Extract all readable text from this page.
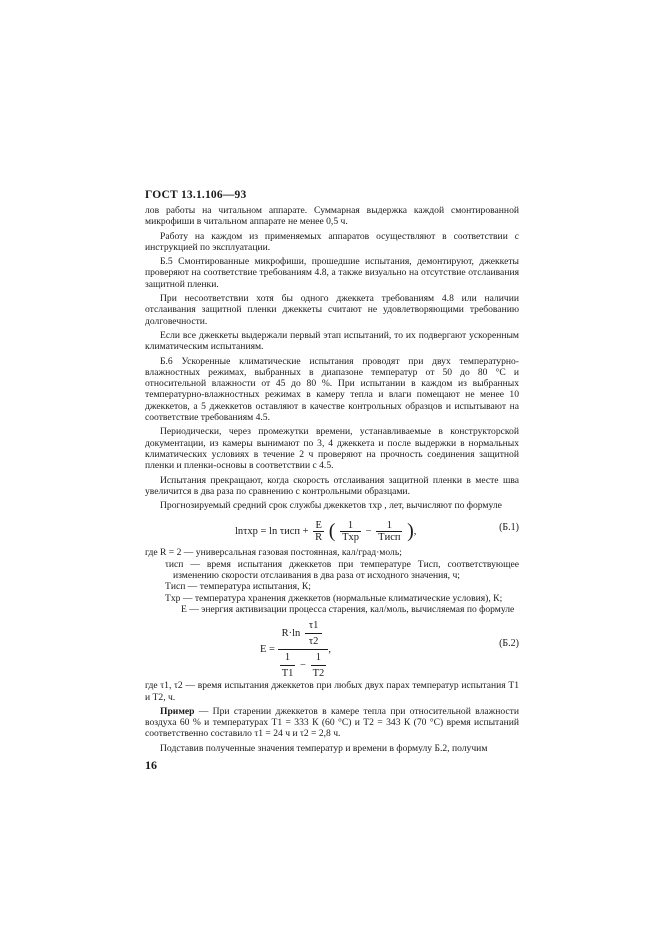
ГОСТ 13.1.106—93

лов работы на читальном аппарате. Суммарная выдержка каждой смонтированной микрофиши в читальном аппарате не менее 0,5 ч.

Работу на каждом из применяемых аппаратов осуществляют в соответствии с инструкцией по эксплуатации.

Б.5 Смонтированные микрофиши, прошедшие испытания, демонтируют, джеккеты проверяют на соответствие требованиям 4.8, а также визуально на отсутствие отслаивания защитной пленки.

При несоответствии хотя бы одного джеккета требованиям 4.8 или наличии отслаивания защитной пленки джеккеты считают не удовлетворяющими требованию долговечности.

Если все джеккеты выдержали первый этап испытаний, то их подвергают ускоренным климатическим испытаниям.

Б.6 Ускоренные климатические испытания проводят при двух температурно-влажностных режимах, выбранных в диапазоне температур от 50 до 80 °С и относительной влажности от 45 до 80 %. При испытании в каждом из выбранных температурно-влажностных режимах в камеру тепла и влаги помещают не менее 10 джеккетов, а 5 джеккетов оставляют в качестве контрольных образцов и испытывают на соответствие требованиям 4.5.

Периодически, через промежутки времени, устанавливаемые в конструкторской документации, из камеры вынимают по 3, 4 джеккета и после выдержки в нормальных климатических условиях в течение 2 ч проверяют на прочность соединения защитной пленки и пленки-основы в соответствии с 4.5.

Испытания прекращают, когда скорость отслаивания защитной пленки в месте шва увеличится в два раза по сравнению с контрольными образцами.

Прогнозируемый средний срок службы джеккетов τхр , лет, вычисляют по формуле

$\ln\tau хр = \ln \tau исп + \frac{E}{R}$ ( $\frac{1}{\text{Tхр}} - \frac{1}{\text{Tисп}}$ ),	(Б.1)

где R = 2 — универсальная газовая постоянная, кал/град·моль;

τисп — время испытания джеккетов при температуре Tисп, соответствующее изменению скорости отслаивания в два раза от исходного значения, ч;

Tисп — температура испытания, К;

Tхр — температура хранения джеккетов (нормальные климатические условия), К;

E — энергия активизации процесса старения, кал/моль, вычисляемая по формуле

E =
$R\cdot\ln \frac{\tau 1}{\tau 2}$
$\frac{1}{T1} - \frac{1}{T2}$
,
(Б.2)

где τ1, τ2 — время испытания джеккетов при любых двух парах температур испытания T1 и T2, ч.

Пример — При старении джеккетов в камере тепла при относительной влажности воздуха 60 % и температурах T1 = 333 К (60 °С) и T2 = 343 К (70 °С) время испытаний соответственно составило τ1 = 24 ч и τ2 = 2,8 ч.

Подставив полученные значения температур и времени в формулу Б.2, получим

16
